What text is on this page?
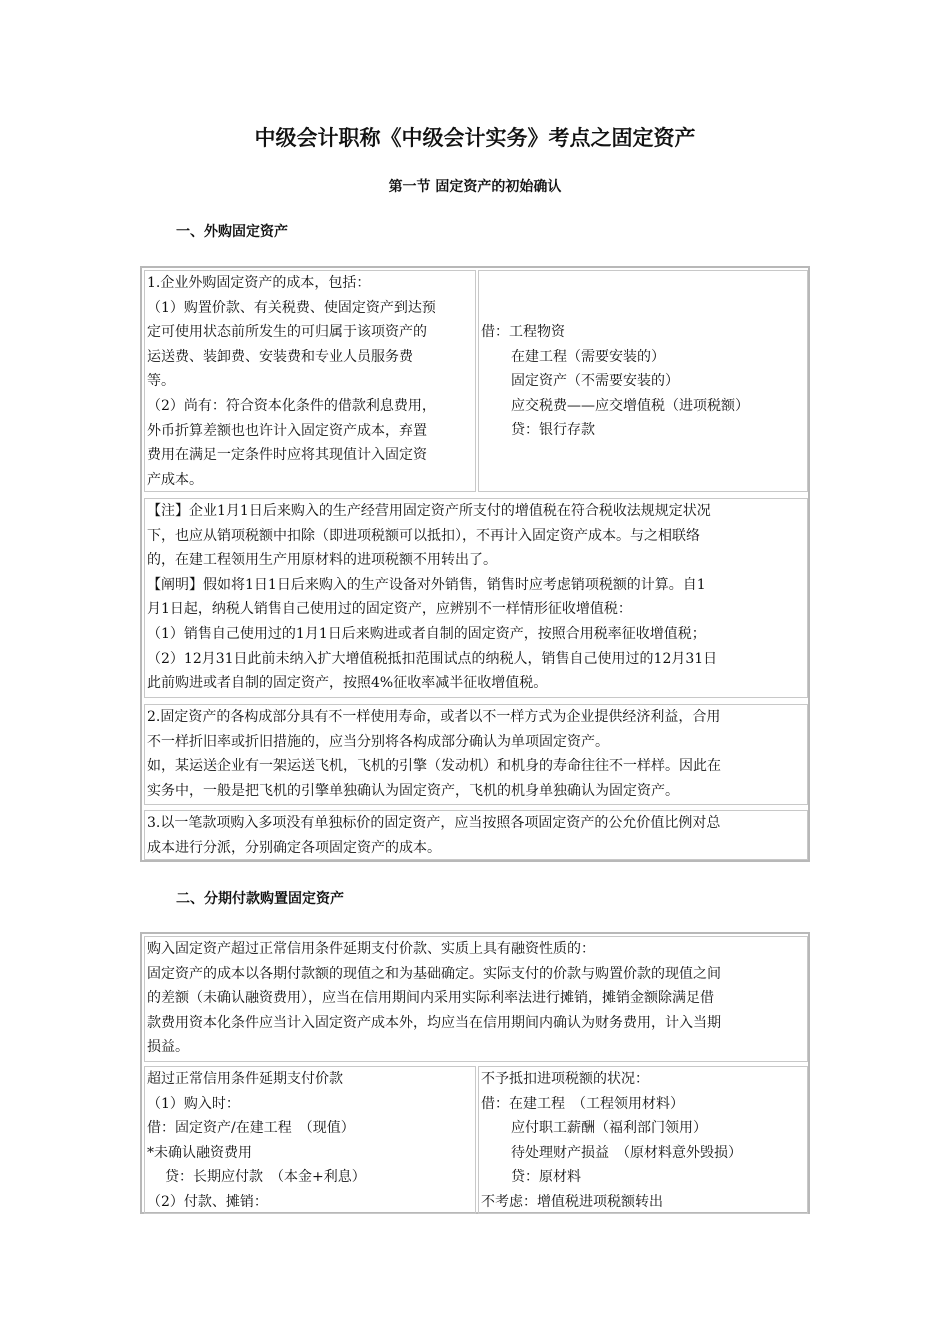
中级会计职称《中级会计实务》考点之固定资产
第一节 固定资产的初始确认
一、外购固定资产

1.企业外购固定资产的成本，包括：

（1）购置价款、有关税费、使固定资产到达预

定可使用状态前所发生的可归属于该项资产的

运送费、装卸费、安装费和专业人员服务费

等。

（2）尚有：符合资本化条件的借款利息费用，

外币折算差额也也许计入固定资产成本，弃置

费用在满足一定条件时应将其现值计入固定资

产成本。

借：工程物资

在建工程（需要安装的）

固定资产（不需要安装的）

应交税费——应交增值税（进项税额）

贷：银行存款

【注】企业1月1日后来购入的生产经营用固定资产所支付的增值税在符合税收法规规定状况

下，也应从销项税额中扣除（即进项税额可以抵扣），不再计入固定资产成本。与之相联络

的，在建工程领用生产用原材料的进项税额不用转出了。

【阐明】假如将1日1日后来购入的生产设备对外销售，销售时应考虑销项税额的计算。自1

月1日起，纳税人销售自己使用过的固定资产，应辨别不一样情形征收增值税：

（1）销售自己使用过的1月1日后来购进或者自制的固定资产，按照合用税率征收增值税；

（2）12月31日此前未纳入扩大增值税抵扣范围试点的纳税人，销售自己使用过的12月31日

此前购进或者自制的固定资产，按照4%征收率减半征收增值税。

2.固定资产的各构成部分具有不一样使用寿命，或者以不一样方式为企业提供经济利益，合用

不一样折旧率或折旧措施的，应当分别将各构成部分确认为单项固定资产。

如，某运送企业有一架运送飞机，飞机的引擎（发动机）和机身的寿命往往不一样样。因此在

实务中，一般是把飞机的引擎单独确认为固定资产，飞机的机身单独确认为固定资产。

3.以一笔款项购入多项没有单独标价的固定资产，应当按照各项固定资产的公允价值比例对总

成本进行分派，分别确定各项固定资产的成本。

二、分期付款购置固定资产

购入固定资产超过正常信用条件延期支付价款、实质上具有融资性质的：

固定资产的成本以各期付款额的现值之和为基础确定。实际支付的价款与购置价款的现值之间

的差额（未确认融资费用），应当在信用期间内采用实际利率法进行摊销，摊销金额除满足借

款费用资本化条件应当计入固定资产成本外，均应当在信用期间内确认为财务费用，计入当期

损益。

超过正常信用条件延期支付价款

（1）购入时：

借：固定资产/在建工程　（现值）

*未确认融资费用

贷：长期应付款　（本金+利息）

（2）付款、摊销：

不予抵扣进项税额的状况：

借：在建工程　（工程领用材料）

应付职工薪酬（福利部门领用）

待处理财产损益　（原材料意外毁损）

贷：原材料

不考虑：增值税进项税额转出
